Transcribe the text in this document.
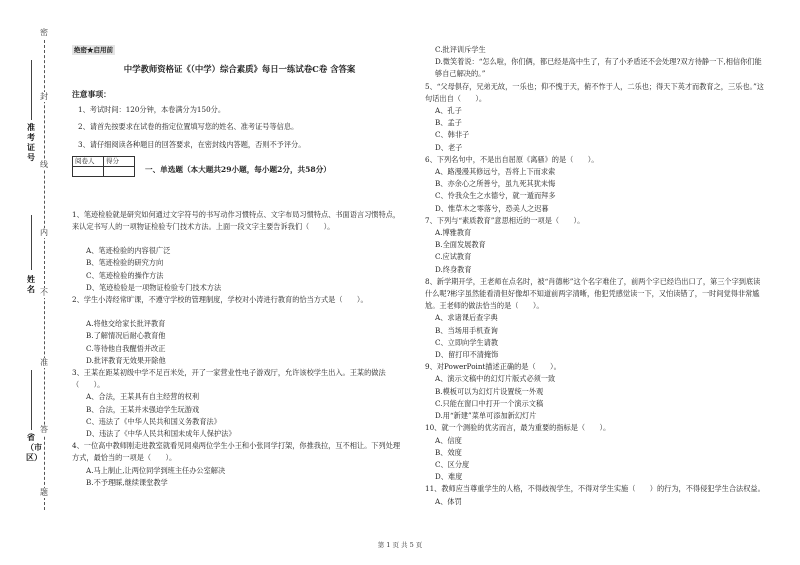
密
封
线
内
不
准
答
题
准考证号
姓名
省（市区）
绝密★启用前
中学教师资格证《（中学）综合素质》每日一练试卷C卷 含答案
注意事项：
1、考试时间：120分钟，本卷满分为150分。
2、请首先按要求在试卷的指定位置填写您的姓名、准考证号等信息。
3、请仔细阅读各种题目的回答要求，在密封线内答题，否则不予评分。
阅卷人	得分

一、单选题（本大题共29小题，每小题2分，共58分）
1、笔迹检验就是研究如何通过文字符号的书写动作习惯特点、文字布局习惯特点、书面语言习惯特点，来认定书写人的一项物证检验专门技术方法。上面一段文字主要告诉我们（　　）。
A、笔迹检验的内容很广泛
B、笔迹检验的研究方向
C、笔迹检验的操作方法
D、笔迹检验是一项物证检验专门技术方法
2、学生小涛经常旷课，不遵守学校的管理制度，学校对小涛进行教育的恰当方式是（　　）。
A.将他交给家长批评教育
B.了解情况后耐心教育他
C.等待他自我醒悟并改正
D.批评教育无效果开除他
3、王某在距某初级中学不足百米处，开了一家营业性电子游戏厅，允许该校学生出入。王某的做法（　　）。
A、合法，王某具有自主经营的权利
B、合法，王某并未强迫学生玩游戏
C、违法了《中华人民共和国义务教育法》
D、违法了《中华人民共和国未成年人保护法》
4、一位高中教师刚走进教室就看见同桌两位学生小王和小张同学打架，你推我拉，互不相让。下列处理方式，最恰当的一项是（　　）。
A.马上制止,让两位同学到班主任办公室解决
B.不予理睬,继续课堂教学
C.批评训斥学生
D.微笑着说：“怎么啦，你们俩，都已经是高中生了，有了小矛盾还不会处理?双方待静一下,相信你们能够自己解决的。”
5、“父母俱存，兄弟无故，一乐也；仰不愧于天，俯不怍于人，二乐也；得天下英才而教育之，三乐也。”这句话出自（　　）。
A、孔子
B、孟子
C、韩非子
D、老子
6、下列名句中，不是出自屈原《离骚》的是（　　）。
A、路漫漫其修远兮，吾将上下而求索
B、亦余心之所善兮，虽九死其犹未悔
C、怜我众生之水德兮，就一遁而拜多
D、惟草木之零落兮，恐美人之迟暮
7、下列与“素质教育”意思相近的一项是（　　）。
A.博雅教育
B.全面发展教育
C.应试教育
D.终身教育
8、新学期开学，王老师在点名时，被“肖德彬”这个名字难住了，前两个字已经诌出口了，第三个字到底读什么呢?彬字虽然能看清但好像却不知道前两字清晰，他犯凭感觉读一下，又怕读错了，一时间觉得非常尴尬。王老师的做法恰当的是（　　）。
A、求诸课后查字典
B、当场用手机查询
C、立即向学生请教
D、留打印不清掩饰
9、对PowerPoint描述正确的是（　　）。
A、演示文稿中的幻灯片版式必须一致
B.模板可以为幻灯片设置统一外观
C.只能在窗口中打开一个演示文稿
D.用“新建”菜单可添加新幻灯片
10、就一个测验的优劣而言，最为重要的指标是（　　）。
A、信度
B、效度
C、区分度
D、难度
11、教师应当尊重学生的人格，不得歧视学生，不得对学生实施（　　）的行为，不得侵犯学生合法权益。
A、体罚
第 1 页 共 5 页
